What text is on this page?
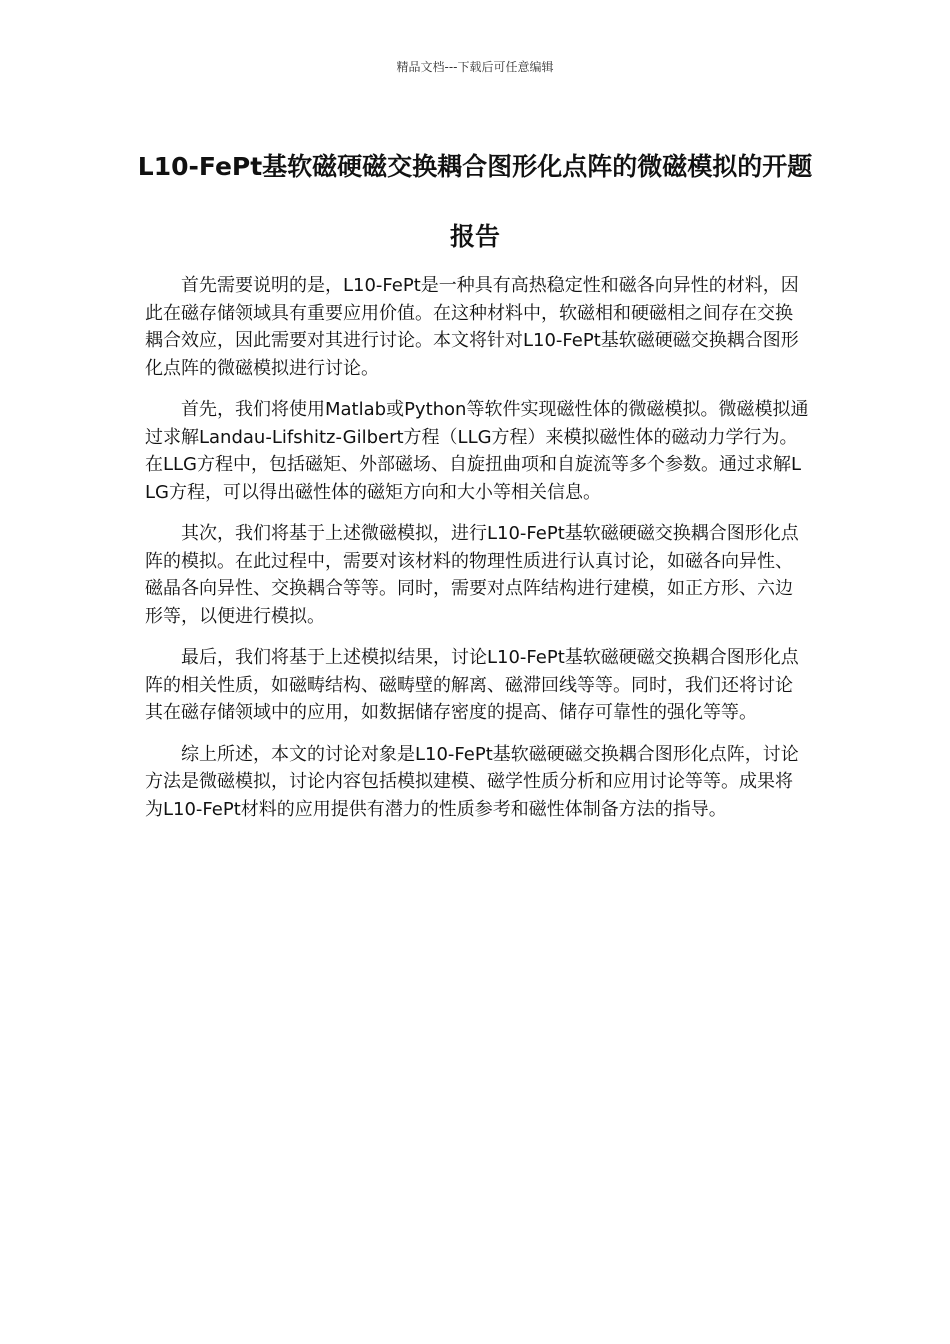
精品文档---下载后可任意编辑
L10-FePt基软磁硬磁交换耦合图形化点阵的微磁模拟的开题报告

首先需要说明的是，L10-FePt是一种具有高热稳定性和磁各向异性的材料，因此在磁存储领域具有重要应用价值。在这种材料中，软磁相和硬磁相之间存在交换耦合效应，因此需要对其进行讨论。本文将针对L10-FePt基软磁硬磁交换耦合图形化点阵的微磁模拟进行讨论。

首先，我们将使用Matlab或Python等软件实现磁性体的微磁模拟。微磁模拟通过求解Landau-Lifshitz-Gilbert方程（LLG方程）来模拟磁性体的磁动力学行为。在LLG方程中，包括磁矩、外部磁场、自旋扭曲项和自旋流等多个参数。通过求解LLG方程，可以得出磁性体的磁矩方向和大小等相关信息。

其次，我们将基于上述微磁模拟，进行L10-FePt基软磁硬磁交换耦合图形化点阵的模拟。在此过程中，需要对该材料的物理性质进行认真讨论，如磁各向异性、磁晶各向异性、交换耦合等等。同时，需要对点阵结构进行建模，如正方形、六边形等，以便进行模拟。

最后，我们将基于上述模拟结果，讨论L10-FePt基软磁硬磁交换耦合图形化点阵的相关性质，如磁畴结构、磁畴壁的解离、磁滞回线等等。同时，我们还将讨论其在磁存储领域中的应用，如数据储存密度的提高、储存可靠性的强化等等。

综上所述，本文的讨论对象是L10-FePt基软磁硬磁交换耦合图形化点阵，讨论方法是微磁模拟，讨论内容包括模拟建模、磁学性质分析和应用讨论等等。成果将为L10-FePt材料的应用提供有潜力的性质参考和磁性体制备方法的指导。
